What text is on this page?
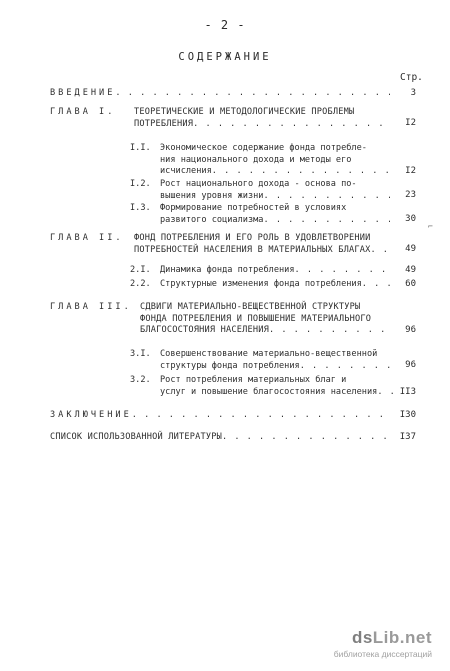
- 2 -
СОДЕРЖАНИЕ
Стр.
ВВЕДЕНИЕ . . .	3
ГЛАВА I. ТЕОРЕТИЧЕСКИЕ И МЕТОДОЛОГИЧЕСКИЕ ПРОБЛЕМЫ
ПОТРЕБЛЕНИЯ . . .	I2
I.I. Экономическое содержание фонда потребле-
ния национального дохода и методы его
исчисления . . .	I2
I.2. Рост национального дохода - основа по-
вышения уровня жизни . . .	23
I.3. Формирование потребностей в условиях
развитого социализма . . .	30
⌐
ГЛАВА II. ФОНД ПОТРЕБЛЕНИЯ И ЕГО РОЛЬ В УДОВЛЕТВОРЕНИИ
ПОТРЕБНОСТЕЙ НАСЕЛЕНИЯ В МАТЕРИАЛЬНЫХ БЛАГАХ . . .	49
2.I. Динамика фонда потребления . . .	49
2.2. Структурные изменения фонда потребления . . .	60
ГЛАВА III. СДВИГИ МАТЕРИАЛЬНО-ВЕЩЕСТВЕННОЙ СТРУКТУРЫ
ФОНДА ПОТРЕБЛЕНИЯ И ПОВЫШЕНИЕ МАТЕРИАЛЬНОГО
БЛАГОСОСТОЯНИЯ НАСЕЛЕНИЯ . . .	96
3.I. Совершенствование материально-вещественной
структуры фонда потребления . . .	96
3.2. Рост потребления материальных благ и
услуг и повышение благосостояния населения . . .	II3
ЗАКЛЮЧЕНИЕ . . .	I30
СПИСОК ИСПОЛЬЗОВАННОЙ ЛИТЕРАТУРЫ . . .	I37
dsLib.net
библиотека диссертаций
